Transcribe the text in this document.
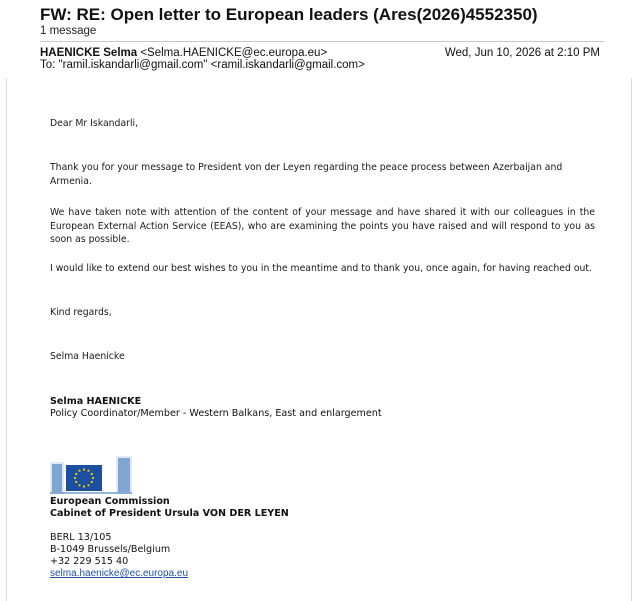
FW: RE: Open letter to European leaders (Ares(2026)4552350)
1 message
HAENICKE Selma <Selma.HAENICKE@ec.europa.eu>	Wed, Jun 10, 2026 at 2:10 PM
To: "ramil.iskandarli@gmail.com" <ramil.iskandarli@gmail.com>
Dear Mr Iskandarli,
Thank you for your message to President von der Leyen regarding the peace process between Azerbaijan and Armenia.
We have taken note with attention of the content of your message and have shared it with our colleagues in the European External Action Service (EEAS), who are examining the points you have raised and will respond to you as soon as possible.
I would like to extend our best wishes to you in the meantime and to thank you, once again, for having reached out.
Kind regards,
Selma Haenicke
Selma HAENICKE
Policy Coordinator/Member - Western Balkans, East and enlargement
European Commission
Cabinet of President Ursula VON DER LEYEN
BERL 13/105
B-1049 Brussels/Belgium
+32 229 515 40
selma.haenicke@ec.europa.eu
